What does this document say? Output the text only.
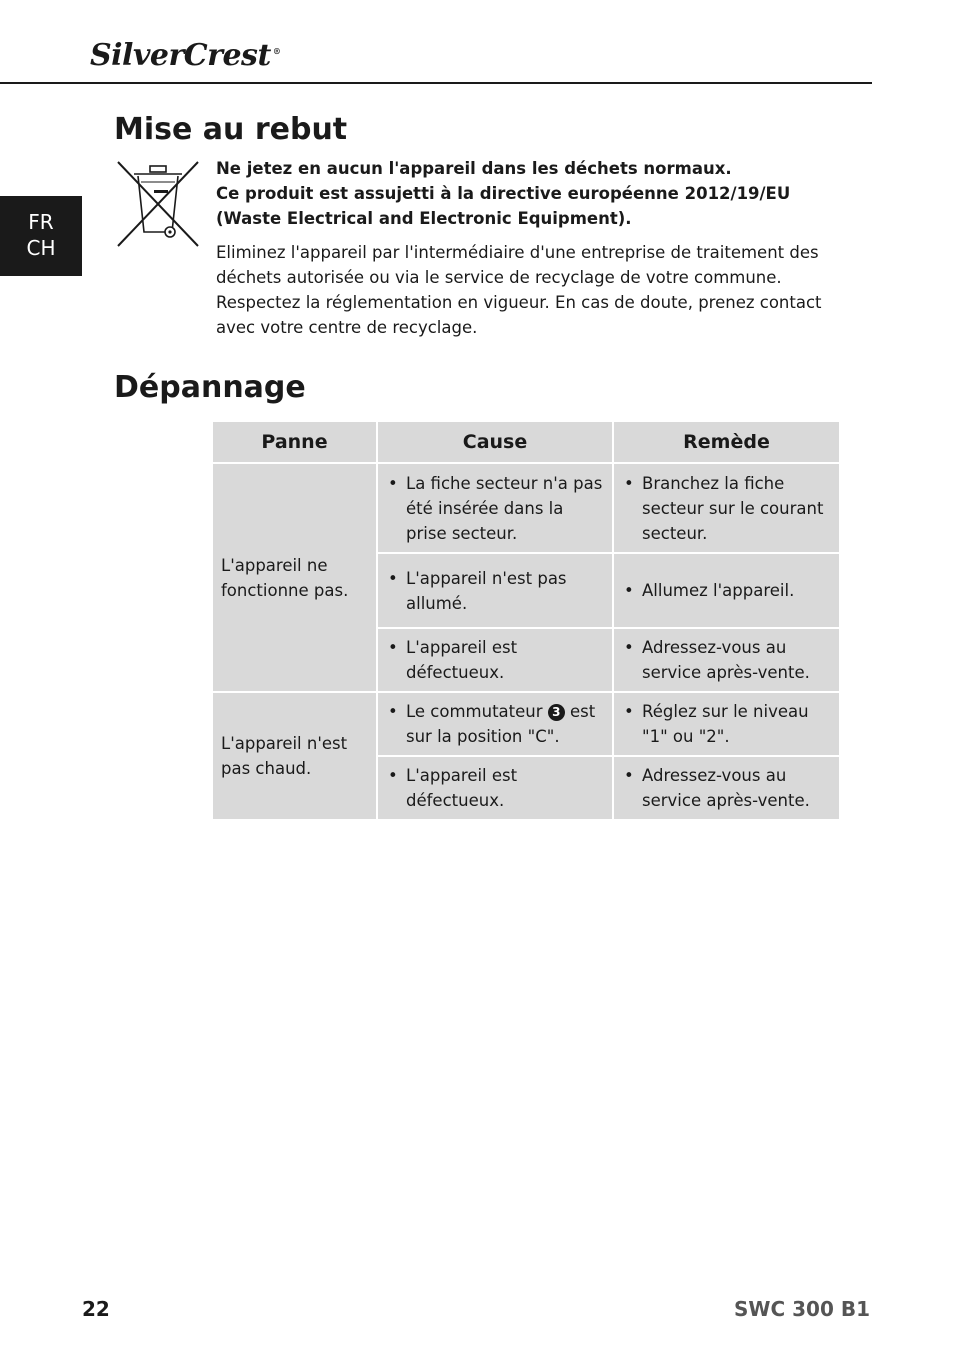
SilverCrest ®
FR
CH
Mise au rebut
Ne jetez en aucun l'appareil dans les déchets normaux.
Ce produit est assujetti à la directive européenne 2012/19/EU
(Waste Electrical and Electronic Equipment).

Eliminez l'appareil par l'intermédiaire d'une entreprise de traitement des déchets autorisée ou via le service de recyclage de votre commune. Respectez la réglementation en vigueur. En cas de doute, prenez contact avec votre centre de recyclage.

Dépannage
Panne	Cause	Remède
L'appareil ne fonctionne pas.	• La fiche secteur n'a pas été insérée dans la prise secteur.	• Branchez la fiche secteur sur le courant secteur.

	• L'appareil n'est pas allumé.	• Allumez l'appareil.

	• L'appareil est défectueux.	• Adressez-vous au service après-vente.

L'appareil n'est pas chaud.	• Le commutateur 3 est sur la position "C".	• Réglez sur le niveau "1" ou "2".

	• L'appareil est défectueux.	• Adressez-vous au service après-vente.
22	SWC 300 B1
